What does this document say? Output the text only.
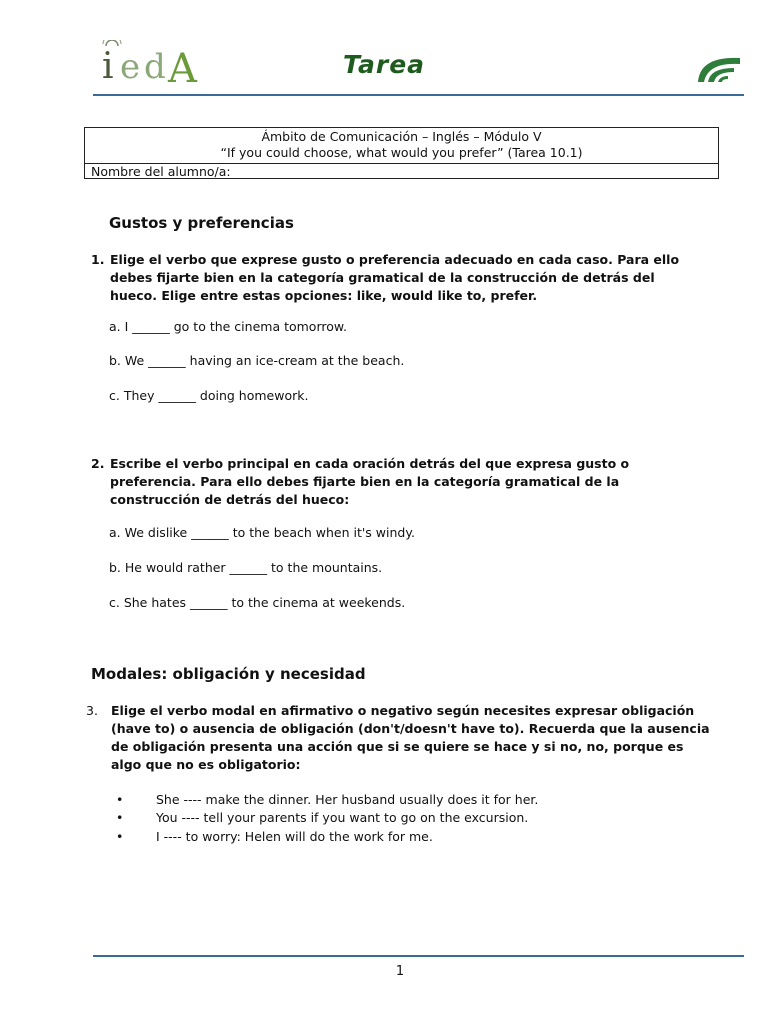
i e d A	Tarea
Ámbito de Comunicación – Inglés – Módulo V
“If you could choose, what would you prefer” (Tarea 10.1)
Nombre del alumno/a:
Gustos y preferencias
1. Elige el verbo que exprese gusto o preferencia adecuado en cada caso. Para ello debes fijarte bien en la categoría gramatical de la construcción de detrás del hueco. Elige entre estas opciones: like, would like to, prefer.
a. I ______ go to the cinema tomorrow.
b. We ______ having an ice-cream at the beach.
c. They ______ doing homework.
2. Escribe el verbo principal en cada oración detrás del que expresa gusto o preferencia. Para ello debes fijarte bien en la categoría gramatical de la construcción de detrás del hueco:
a. We dislike ______ to the beach when it's windy.
b. He would rather ______ to the mountains.
c. She hates ______ to the cinema at weekends.
Modales: obligación y necesidad
3.	Elige el verbo modal en afirmativo o negativo según necesites expresar obligación (have to) o ausencia de obligación (don't/doesn't have to). Recuerda que la ausencia de obligación presenta una acción que si se quiere se hace y si no, no, porque es algo que no es obligatorio:
•	She ---- make the dinner. Her husband usually does it for her.
•	You ---- tell your parents if you want to go on the excursion.
•	I ---- to worry: Helen will do the work for me.
1
